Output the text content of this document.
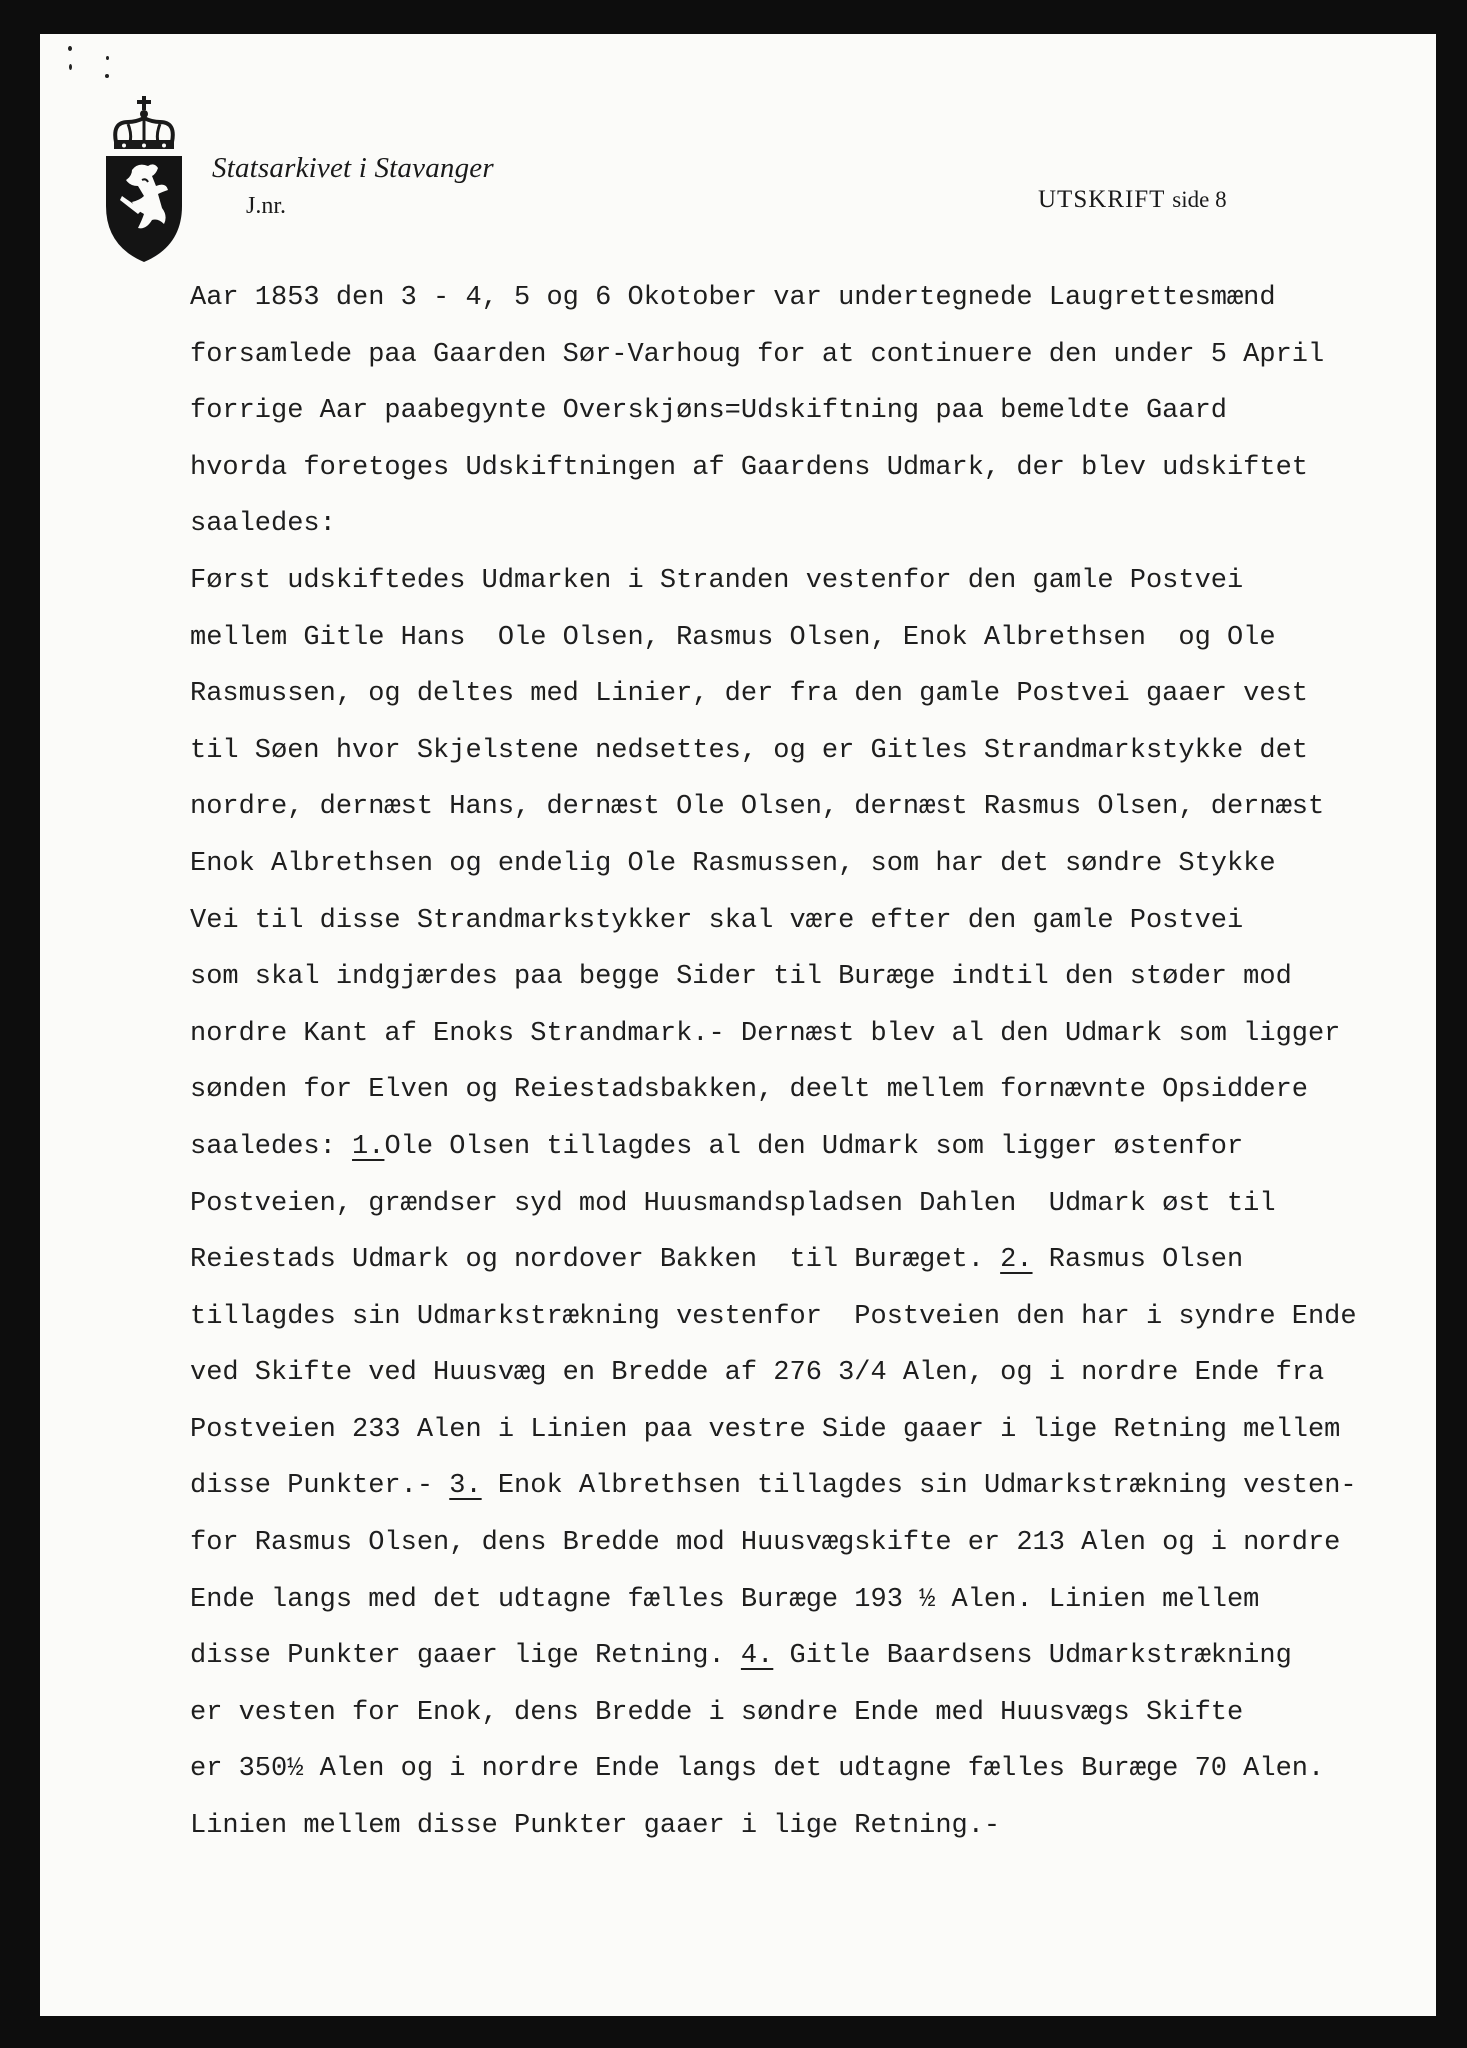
Statsarkivet i Stavanger
J.nr.	UTSKRIFT side 8
Aar 1853 den 3 - 4, 5 og 6 Okotober var undertegnede Laugrettesmænd
forsamlede paa Gaarden Sør-Varhoug for at continuere den under 5 April
forrige Aar paabegynte Overskjøns=Udskiftning paa bemeldte Gaard
hvorda foretoges Udskiftningen af Gaardens Udmark, der blev udskiftet
saaledes:
Først udskiftedes Udmarken i Stranden vestenfor den gamle Postvei
mellem Gitle Hans  Ole Olsen, Rasmus Olsen, Enok Albrethsen  og Ole
Rasmussen, og deltes med Linier, der fra den gamle Postvei gaaer vest
til Søen hvor Skjelstene nedsettes, og er Gitles Strandmarkstykke det
nordre, dernæst Hans, dernæst Ole Olsen, dernæst Rasmus Olsen, dernæst
Enok Albrethsen og endelig Ole Rasmussen, som har det søndre Stykke
Vei til disse Strandmarkstykker skal være efter den gamle Postvei
som skal indgjærdes paa begge Sider til Buræge indtil den støder mod
nordre Kant af Enoks Strandmark.- Dernæst blev al den Udmark som ligger
sønden for Elven og Reiestadsbakken, deelt mellem fornævnte Opsiddere
saaledes: 1.Ole Olsen tillagdes al den Udmark som ligger østenfor
Postveien, grændser syd mod Huusmandspladsen Dahlen  Udmark øst til
Reiestads Udmark og nordover Bakken  til Buræget. 2. Rasmus Olsen
tillagdes sin Udmarkstrækning vestenfor  Postveien den har i syndre Ende
ved Skifte ved Huusvæg en Bredde af 276 3/4 Alen, og i nordre Ende fra
Postveien 233 Alen i Linien paa vestre Side gaaer i lige Retning mellem
disse Punkter.- 3. Enok Albrethsen tillagdes sin Udmarkstrækning vesten-
for Rasmus Olsen, dens Bredde mod Huusvægskifte er 213 Alen og i nordre
Ende langs med det udtagne fælles Buræge 193 ½ Alen. Linien mellem
disse Punkter gaaer lige Retning. 4. Gitle Baardsens Udmarkstrækning
er vesten for Enok, dens Bredde i søndre Ende med Huusvægs Skifte
er 350½ Alen og i nordre Ende langs det udtagne fælles Buræge 70 Alen.
Linien mellem disse Punkter gaaer i lige Retning.-
